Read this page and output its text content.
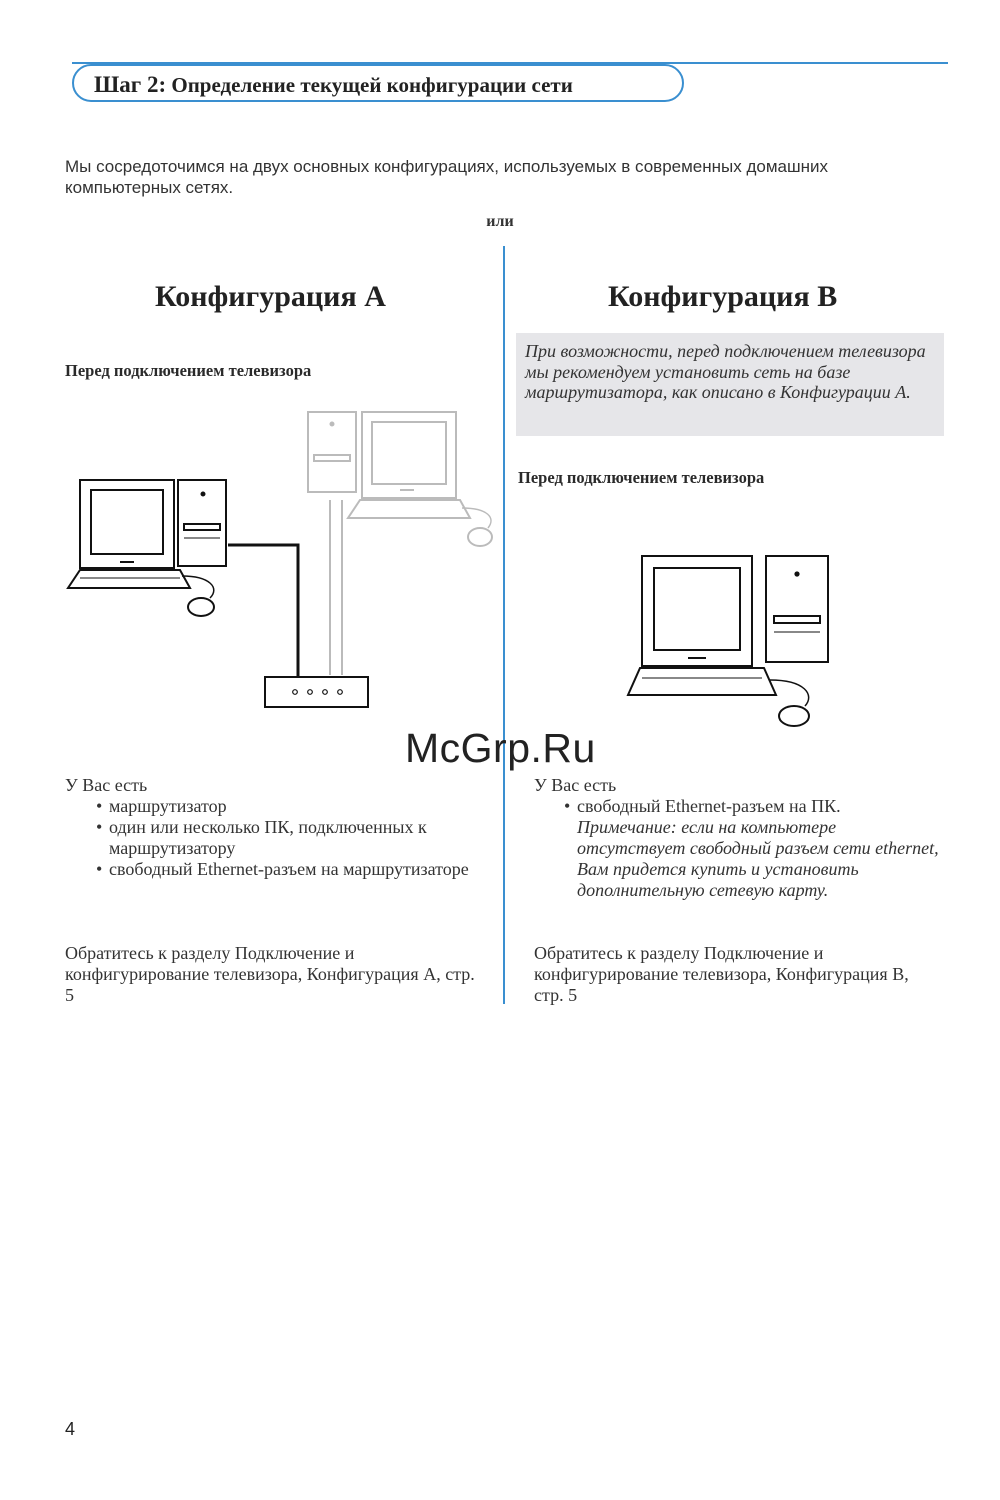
Шаг 2: Определение текущей конфигурации сети
Мы сосредоточимся на двух основных конфигурациях, используемых в современных домашних компьютерных сетях.
или
Конфигурация A
Перед подключением телевизора
У Вас есть
• маршрутизатор
• один или несколько ПК, подключенных к маршрутизатору
• свободный Ethernet-разъем на маршрутизаторе
Обратитесь к разделу Подключение и конфигурирование телевизора, Конфигурация A, стр. 5
Конфигурация B
При возможности, перед подключением телевизора мы рекомендуем установить сеть на базе маршрутизатора, как описано в Конфигурации A.
Перед подключением телевизора
У Вас есть
• свободный Ethernet-разъем на ПК.
Примечание: если на компьютере отсутствует свободный разъем сети ethernet, Вам придется купить и установить дополнительную сетевую карту.
Обратитесь к разделу Подключение и конфигурирование телевизора, Конфигурация B, стр. 5
McGrp.Ru
4
